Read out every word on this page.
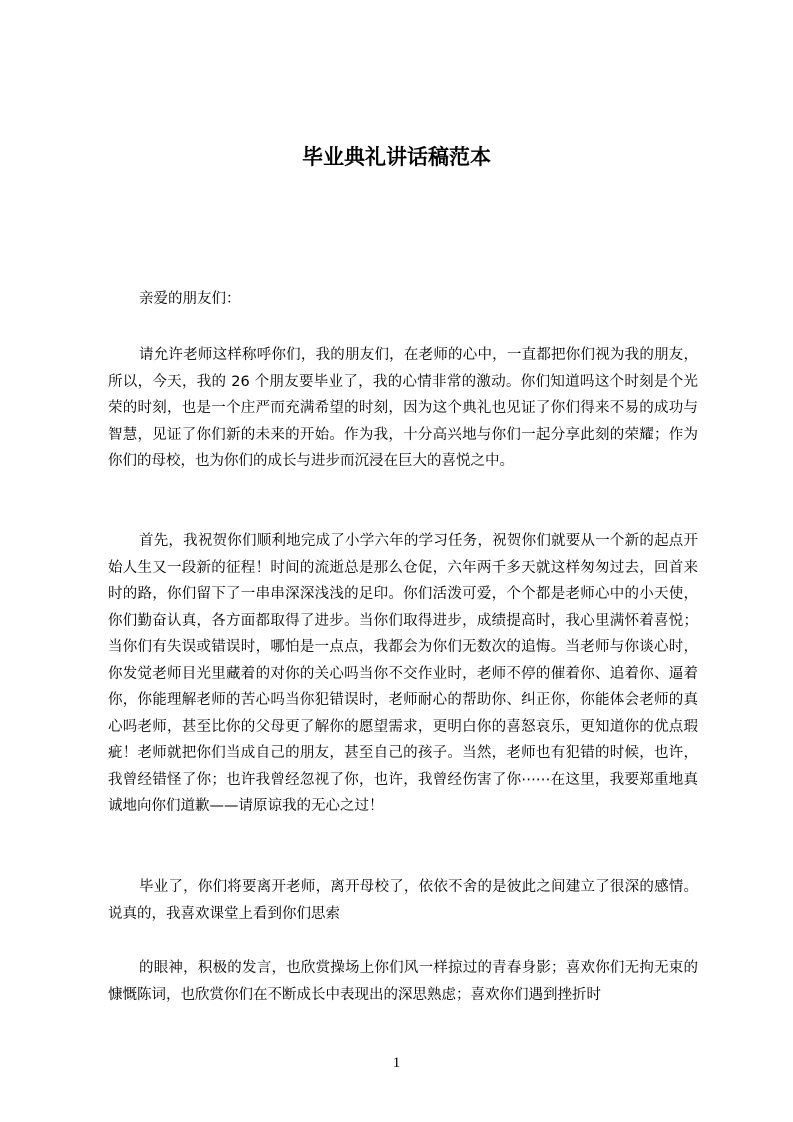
毕业典礼讲话稿范本

亲爱的朋友们：

请允许老师这样称呼你们，我的朋友们，在老师的心中，一直都把你们视为我的朋友，所以，今天，我的 26 个朋友要毕业了，我的心情非常的激动。你们知道吗这个时刻是个光荣的时刻，也是一个庄严而充满希望的时刻，因为这个典礼也见证了你们得来不易的成功与智慧，见证了你们新的未来的开始。作为我，十分高兴地与你们一起分享此刻的荣耀；作为你们的母校，也为你们的成长与进步而沉浸在巨大的喜悦之中。

首先，我祝贺你们顺利地完成了小学六年的学习任务，祝贺你们就要从一个新的起点开始人生又一段新的征程！时间的流逝总是那么仓促，六年两千多天就这样匆匆过去，回首来时的路，你们留下了一串串深深浅浅的足印。你们活泼可爱，个个都是老师心中的小天使，你们勤奋认真，各方面都取得了进步。当你们取得进步，成绩提高时，我心里满怀着喜悦；当你们有失误或错误时，哪怕是一点点，我都会为你们无数次的追悔。当老师与你谈心时，你发觉老师目光里藏着的对你的关心吗当你不交作业时，老师不停的催着你、追着你、逼着你，你能理解老师的苦心吗当你犯错误时，老师耐心的帮助你、纠正你，你能体会老师的真心吗老师，甚至比你的父母更了解你的愿望需求，更明白你的喜怒哀乐，更知道你的优点瑕疵！老师就把你们当成自己的朋友，甚至自己的孩子。当然，老师也有犯错的时候，也许，我曾经错怪了你；也许我曾经忽视了你，也许，我曾经伤害了你⋯⋯在这里，我要郑重地真诚地向你们道歉——请原谅我的无心之过！

毕业了，你们将要离开老师，离开母校了，依依不舍的是彼此之间建立了很深的感情。说真的，我喜欢课堂上看到你们思索

的眼神，积极的发言，也欣赏操场上你们风一样掠过的青春身影；喜欢你们无拘无束的慷慨陈词，也欣赏你们在不断成长中表现出的深思熟虑；喜欢你们遇到挫折时

1
